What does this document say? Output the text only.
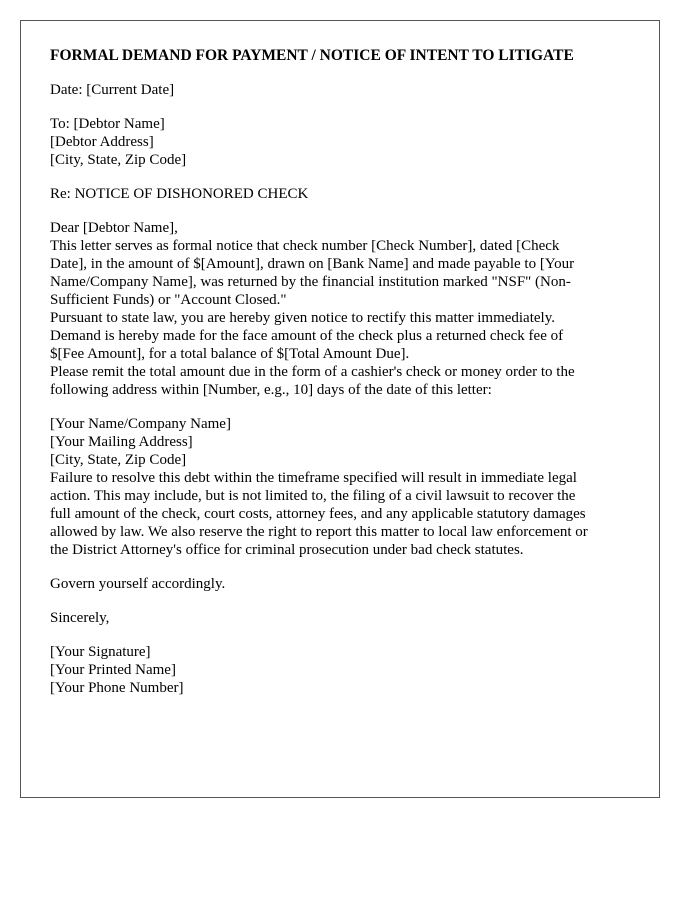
FORMAL DEMAND FOR PAYMENT / NOTICE OF INTENT TO LITIGATE
Date: [Current Date]
To: [Debtor Name]
[Debtor Address]
[City, State, Zip Code]
Re: NOTICE OF DISHONORED CHECK
Dear [Debtor Name],

This letter serves as formal notice that check number [Check Number], dated [Check
Date], in the amount of $[Amount], drawn on [Bank Name] and made payable to [Your
Name/Company Name], was returned by the financial institution marked "NSF" (Non-
Sufficient Funds) or "Account Closed."

Pursuant to state law, you are hereby given notice to rectify this matter immediately.
Demand is hereby made for the face amount of the check plus a returned check fee of
$[Fee Amount], for a total balance of $[Total Amount Due].

Please remit the total amount due in the form of a cashier's check or money order to the
following address within [Number, e.g., 10] days of the date of this letter:

[Your Name/Company Name]
[Your Mailing Address]
[City, State, Zip Code]

Failure to resolve this debt within the timeframe specified will result in immediate legal
action. This may include, but is not limited to, the filing of a civil lawsuit to recover the
full amount of the check, court costs, attorney fees, and any applicable statutory damages
allowed by law. We also reserve the right to report this matter to local law enforcement or
the District Attorney's office for criminal prosecution under bad check statutes.

Govern yourself accordingly.
Sincerely,
[Your Signature]
[Your Printed Name]
[Your Phone Number]
